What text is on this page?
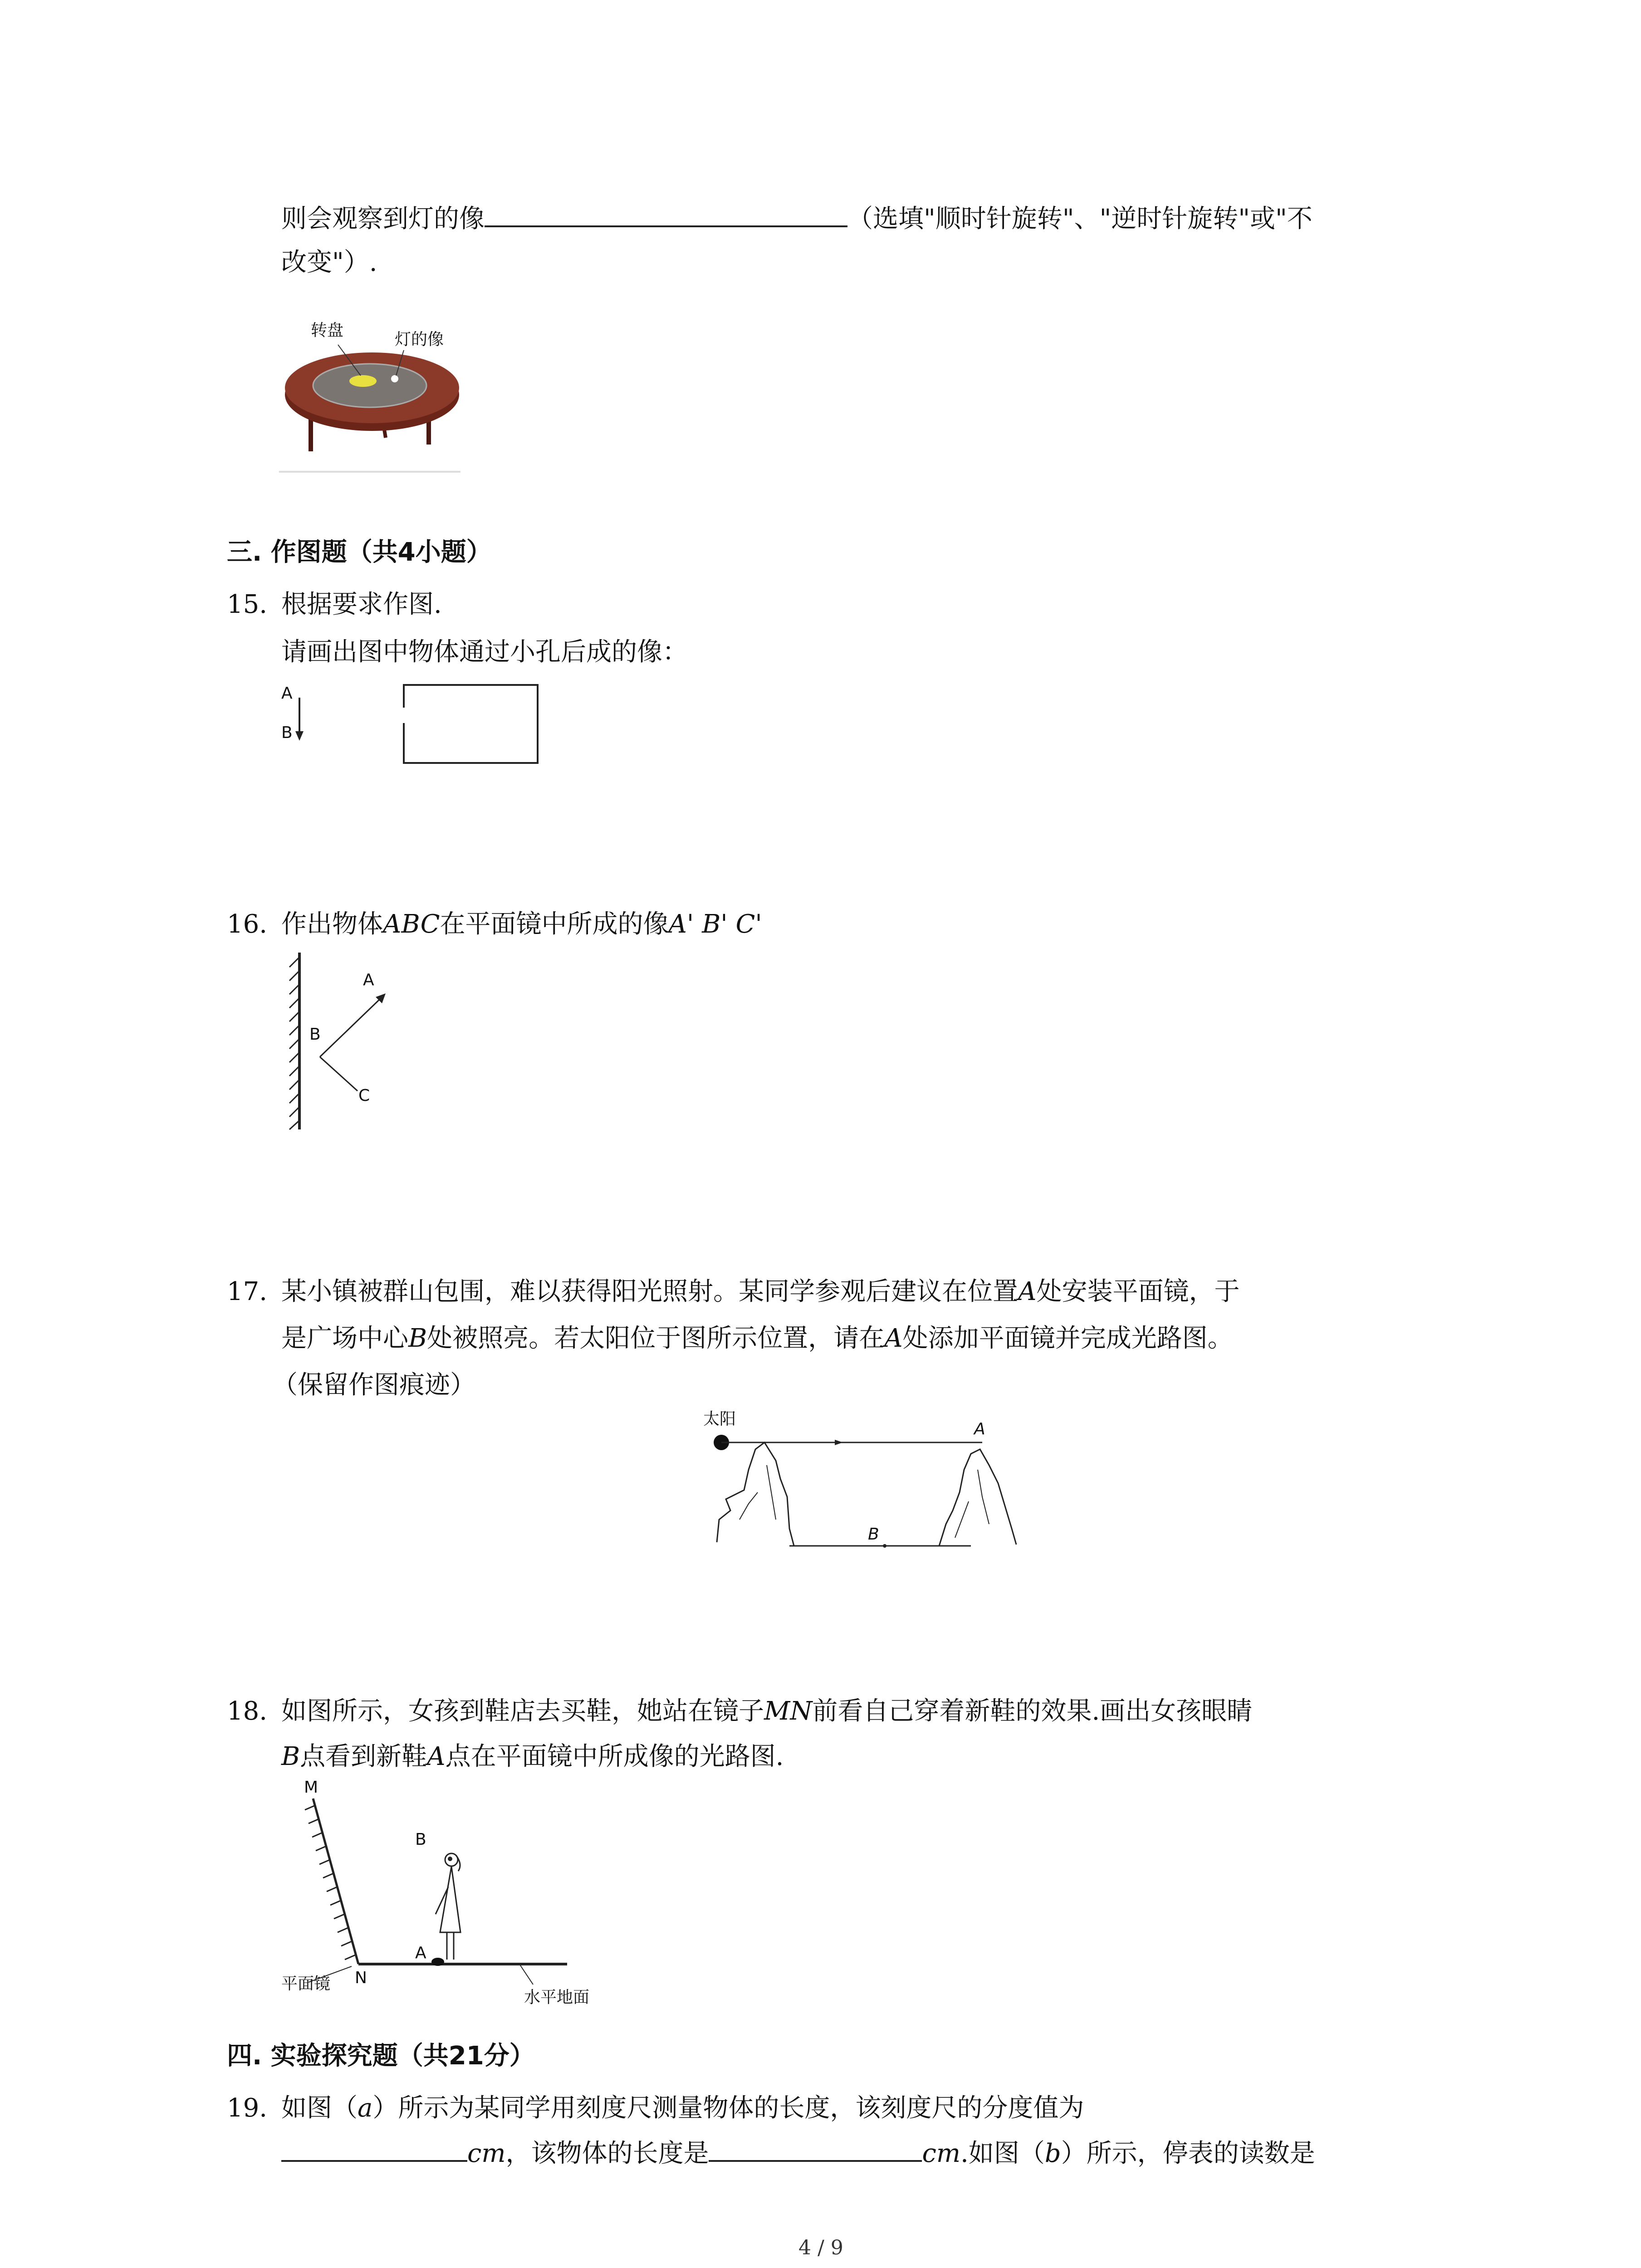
则会观察到灯的像	（选填"顺时针旋转"、"逆时针旋转"或"不
改变"）.
转盘	灯的像
三. 作图题（共4小题）
15. 根据要求作图.
请画出图中物体通过小孔后成的像：
A
B
16. 作出物体ABC在平面镜中所成的像A' B' C'
A
B
C
17. 某小镇被群山包围，难以获得阳光照射。某同学参观后建议在位置A处安装平面镜，于
是广场中心B处被照亮。若太阳位于图所示位置，请在A处添加平面镜并完成光路图。
（保留作图痕迹）
太阳
A
B
18. 如图所示，女孩到鞋店去买鞋，她站在镜子MN前看自己穿着新鞋的效果.画出女孩眼睛
B点看到新鞋A点在平面镜中所成像的光路图.
M
N
B
A
平面镜
水平地面
四. 实验探究题（共21分）
19. 如图（a）所示为某同学用刻度尺测量物体的长度，该刻度尺的分度值为
cm，该物体的长度是	cm.如图（b）所示，停表的读数是
4 / 9
